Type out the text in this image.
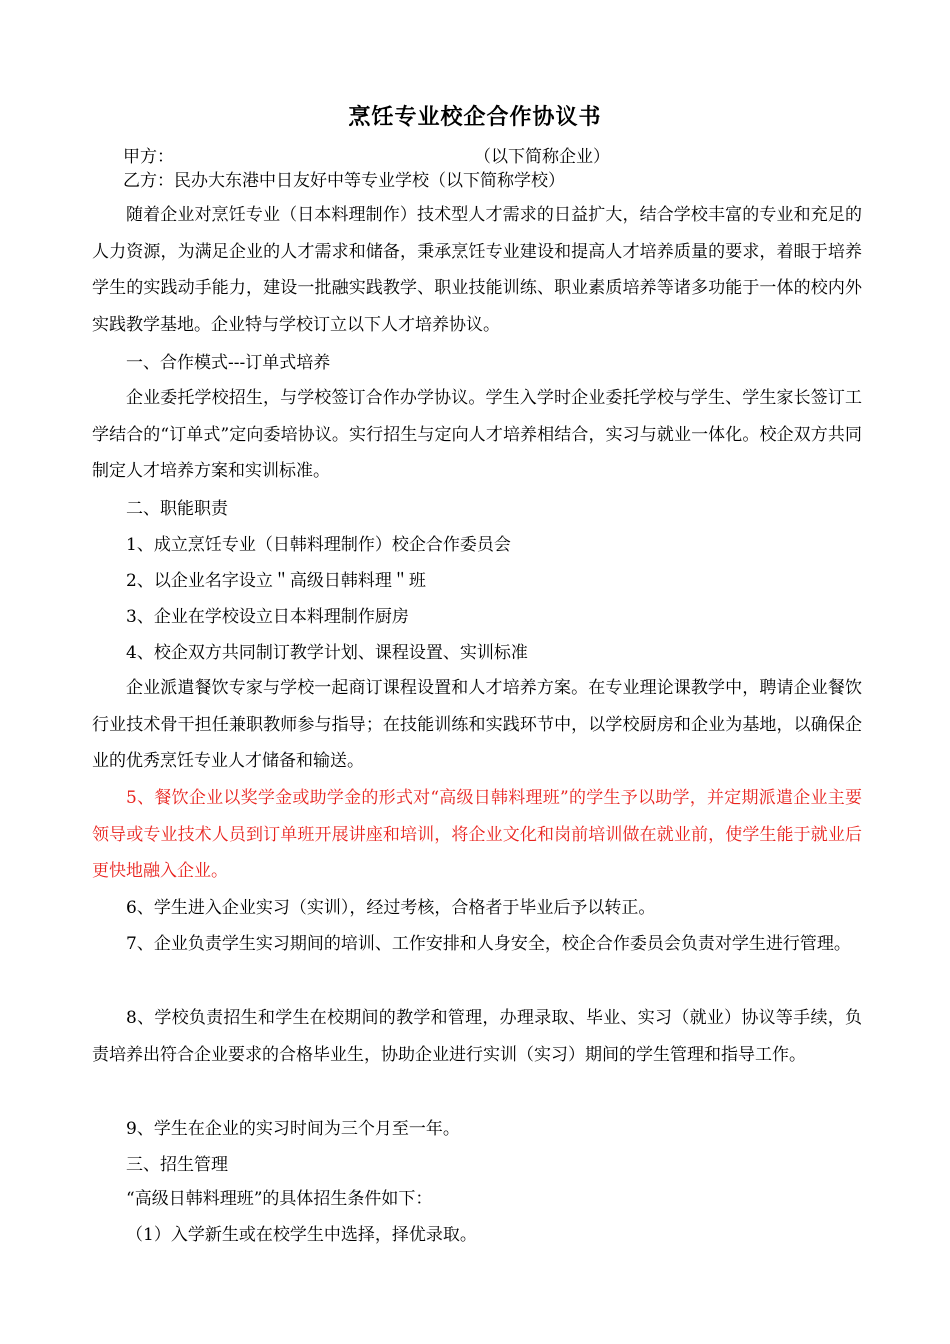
烹饪专业校企合作协议书
甲方：	（以下简称企业）
乙方：民办大东港中日友好中等专业学校（以下简称学校）
随着企业对烹饪专业（日本料理制作）技术型人才需求的日益扩大，结合学校丰富的专业和充足的人力资源，为满足企业的人才需求和储备，秉承烹饪专业建设和提高人才培养质量的要求，着眼于培养学生的实践动手能力，建设一批融实践教学、职业技能训练、职业素质培养等诸多功能于一体的校内外实践教学基地。企业特与学校订立以下人才培养协议。
一、合作模式---订单式培养
企业委托学校招生，与学校签订合作办学协议。学生入学时企业委托学校与学生、学生家长签订工学结合的“订单式”定向委培协议。实行招生与定向人才培养相结合，实习与就业一体化。校企双方共同制定人才培养方案和实训标准。
二、职能职责
1、成立烹饪专业（日韩料理制作）校企合作委员会
2、以企业名字设立＂高级日韩料理＂班
3、企业在学校设立日本料理制作厨房
4、校企双方共同制订教学计划、课程设置、实训标准
企业派遣餐饮专家与学校一起商订课程设置和人才培养方案。在专业理论课教学中，聘请企业餐饮行业技术骨干担任兼职教师参与指导；在技能训练和实践环节中，以学校厨房和企业为基地，以确保企业的优秀烹饪专业人才储备和输送。
5、餐饮企业以奖学金或助学金的形式对“高级日韩料理班”的学生予以助学，并定期派遣企业主要领导或专业技术人员到订单班开展讲座和培训，将企业文化和岗前培训做在就业前，使学生能于就业后更快地融入企业。
6、学生进入企业实习（实训），经过考核，合格者于毕业后予以转正。
7、企业负责学生实习期间的培训、工作安排和人身安全，校企合作委员会负责对学生进行管理。
8、学校负责招生和学生在校期间的教学和管理，办理录取、毕业、实习（就业）协议等手续，负责培养出符合企业要求的合格毕业生，协助企业进行实训（实习）期间的学生管理和指导工作。
9、学生在企业的实习时间为三个月至一年。
三、招生管理
“高级日韩料理班”的具体招生条件如下：
（1）入学新生或在校学生中选择，择优录取。
